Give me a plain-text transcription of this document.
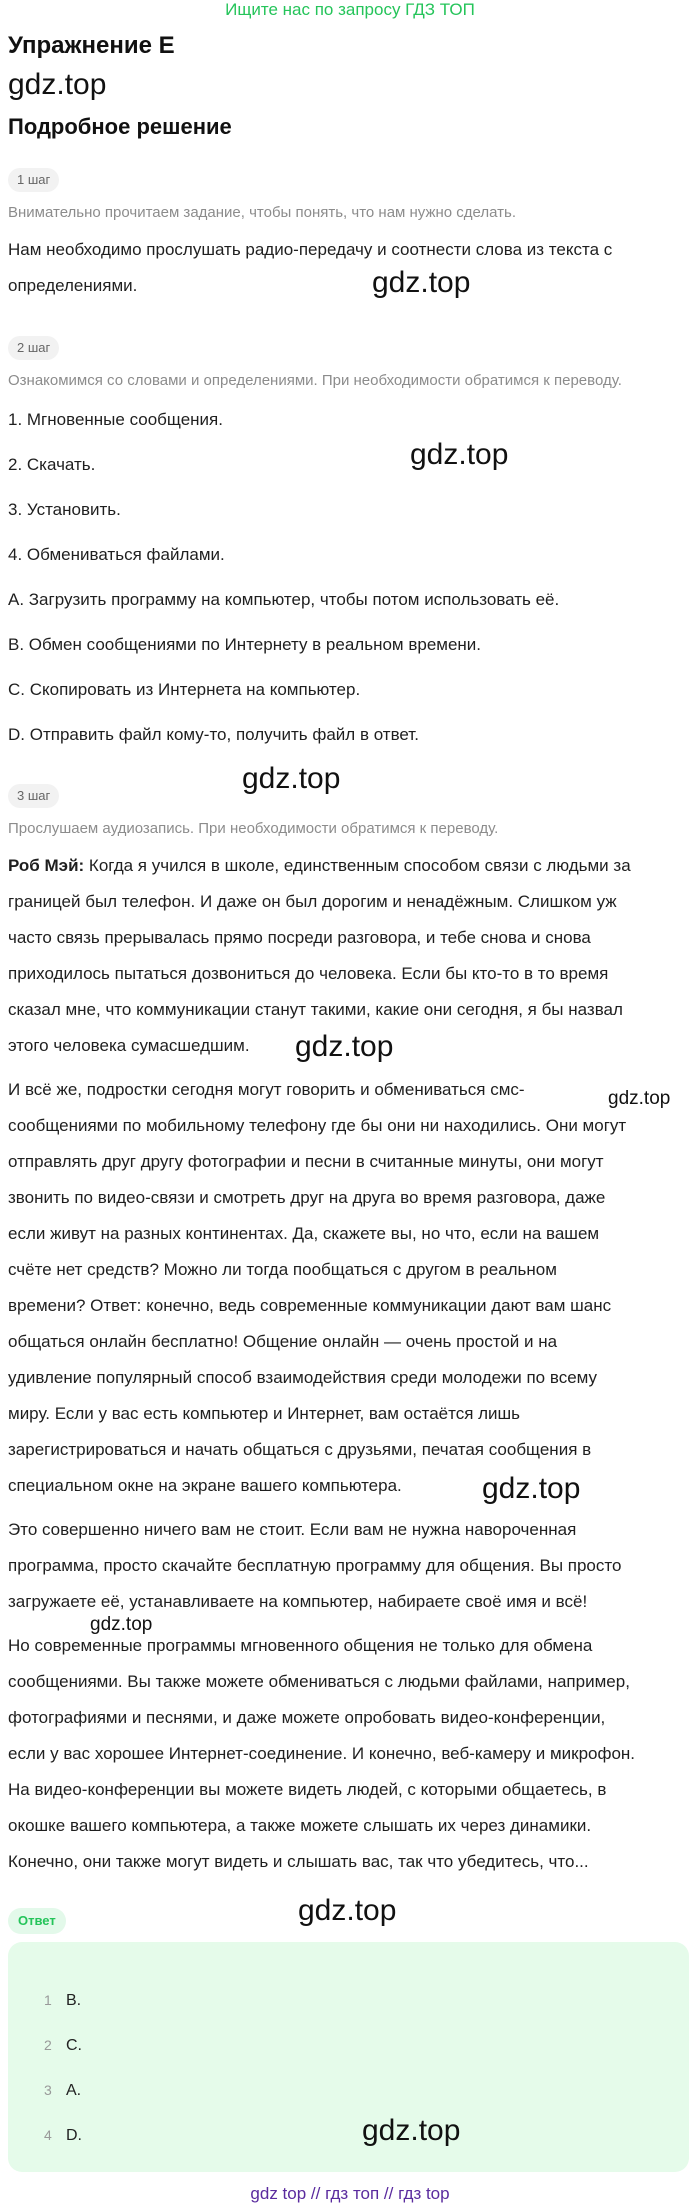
Ищите нас по запросу ГДЗ ТОП
Упражнение E
gdz.top
Подробное решение
1 шаг
Внимательно прочитаем задание, чтобы понять, что нам нужно сделать.
Нам необходимо прослушать радио-передачу и соотнести слова из текста с
определениями.	gdz.top
2 шаг
Ознакомимся со словами и определениями. При необходимости обратимся к переводу.
1. Мгновенные сообщения.
gdz.top
2. Скачать.
3. Установить.
4. Обмениваться файлами.
A. Загрузить программу на компьютер, чтобы потом использовать её.
B. Обмен сообщениями по Интернету в реальном времени.
C. Скопировать из Интернета на компьютер.
D. Отправить файл кому-то, получить файл в ответ.
gdz.top
3 шаг
Прослушаем аудиозапись. При необходимости обратимся к переводу.
Роб Мэй: Когда я учился в школе, единственным способом связи с людьми за
границей был телефон. И даже он был дорогим и ненадёжным. Слишком уж
часто связь прерывалась прямо посреди разговора, и тебе снова и снова
приходилось пытаться дозвониться до человека. Если бы кто-то в то время
сказал мне, что коммуникации станут такими, какие они сегодня, я бы назвал
этого человека сумасшедшим. gdz.top
И всё же, подростки сегодня могут говорить и обмениваться смс-	gdz.top
сообщениями по мобильному телефону где бы они ни находились. Они могут
отправлять друг другу фотографии и песни в считанные минуты, они могут
звонить по видео-связи и смотреть друг на друга во время разговора, даже
если живут на разных континентах. Да, скажете вы, но что, если на вашем
счёте нет средств? Можно ли тогда пообщаться с другом в реальном
времени? Ответ: конечно, ведь современные коммуникации дают вам шанс
общаться онлайн бесплатно! Общение онлайн — очень простой и на
удивление популярный способ взаимодействия среди молодежи по всему
миру. Если у вас есть компьютер и Интернет, вам остаётся лишь
зарегистрироваться и начать общаться с друзьями, печатая сообщения в
специальном окне на экране вашего компьютера.	gdz.top
Это совершенно ничего вам не стоит. Если вам не нужна навороченная
программа, просто скачайте бесплатную программу для общения. Вы просто
загружаете её, устанавливаете на компьютер, набираете своё имя и всё!
gdz.top
Но современные программы мгновенного общения не только для обмена
сообщениями. Вы также можете обмениваться с людьми файлами, например,
фотографиями и песнями, и даже можете опробовать видео-конференции,
если у вас хорошее Интернет-соединение. И конечно, веб-камеру и микрофон.
На видео-конференции вы можете видеть людей, с которыми общаетесь, в
окошке вашего компьютера, а также можете слышать их через динамики.
Конечно, они также могут видеть и слышать вас, так что убедитесь, что...
gdz.top
Ответ
1 B.
2 C.
3 A.
4 D.	gdz.top
gdz top // гдз топ // гдз top
